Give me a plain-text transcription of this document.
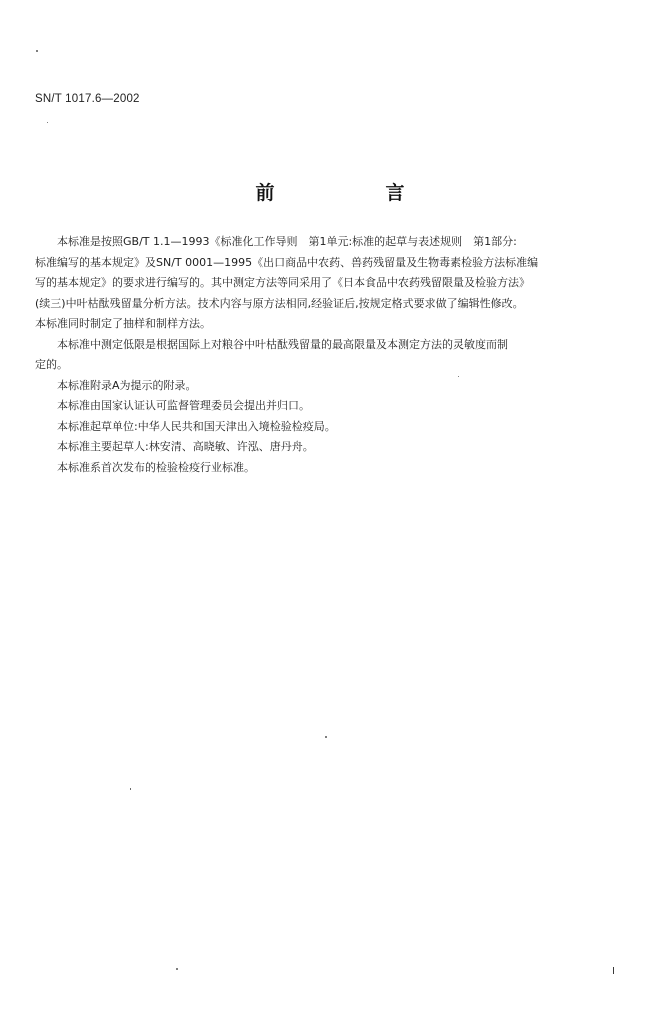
SN/T 1017.6—2002
前　言

本标准是按照GB/T 1.1—1993《标准化工作导则　第1单元:标准的起草与表述规则　第1部分:
标准编写的基本规定》及SN/T 0001—1995《出口商品中农药、兽药残留量及生物毒素检验方法标准编
写的基本规定》的要求进行编写的。其中测定方法等同采用了《日本食品中农药残留限量及检验方法》
(续三)中叶枯酞残留量分析方法。技术内容与原方法相同,经验证后,按规定格式要求做了编辑性修改。
本标准同时制定了抽样和制样方法。

本标准中测定低限是根据国际上对粮谷中叶枯酞残留量的最高限量及本测定方法的灵敏度而制
定的。

本标准附录A为提示的附录。

本标准由国家认证认可监督管理委员会提出并归口。

本标准起草单位:中华人民共和国天津出入境检验检疫局。

本标准主要起草人:林安清、高晓敏、许泓、唐丹舟。

本标准系首次发布的检验检疫行业标准。

I
